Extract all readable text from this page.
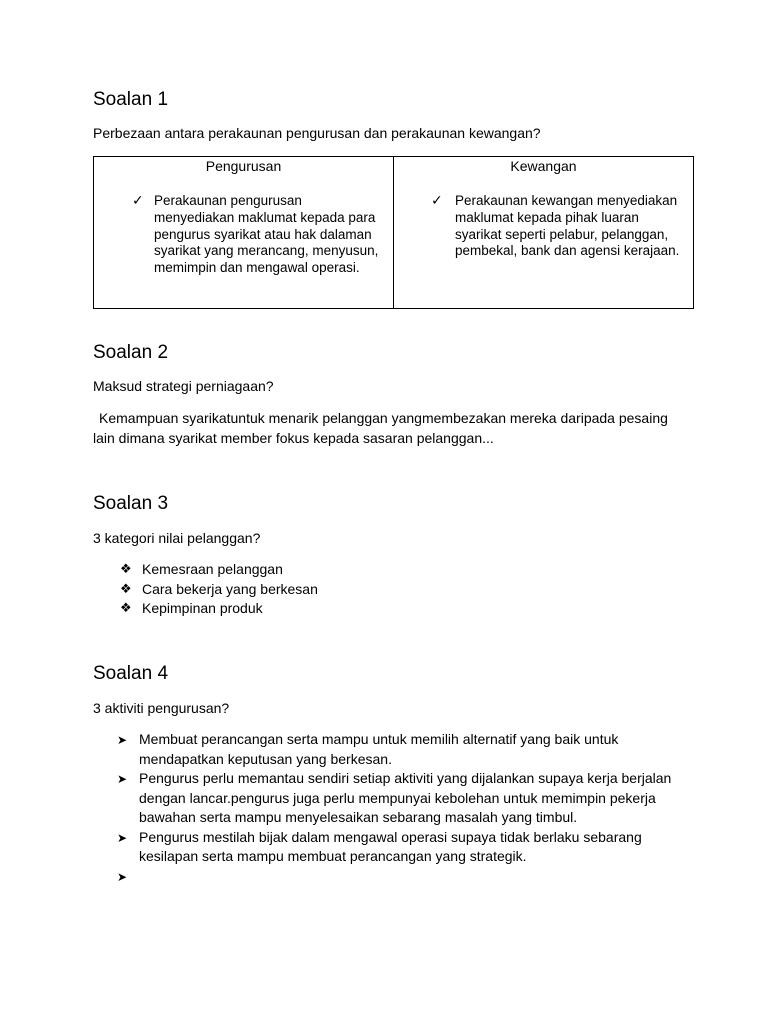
Soalan 1

Perbezaan antara perakaunan pengurusan dan perakaunan kewangan?

Pengurusan
✓ Perakaunan pengurusan menyediakan maklumat kepada para pengurus syarikat atau hak dalaman syarikat yang merancang, menyusun, memimpin dan mengawal operasi.
Kewangan
✓ Perakaunan kewangan menyediakan maklumat kepada pihak luaran syarikat seperti pelabur, pelanggan, pembekal, bank dan agensi kerajaan.
Soalan 2

Maksud strategi perniagaan?

Kemampuan syarikatuntuk menarik pelanggan yangmembezakan mereka daripada pesaing lain dimana syarikat member fokus kepada sasaran pelanggan...

Soalan 3

3 kategori nilai pelanggan?

❖ Kemesraan pelanggan
❖ Cara bekerja yang berkesan
❖ Kepimpinan produk
Soalan 4

3 aktiviti pengurusan?

➤ Membuat perancangan serta mampu untuk memilih alternatif yang baik untuk mendapatkan keputusan yang berkesan.
➤ Pengurus perlu memantau sendiri setiap aktiviti yang dijalankan supaya kerja berjalan dengan lancar.pengurus juga perlu mempunyai kebolehan untuk memimpin pekerja bawahan serta mampu menyelesaikan sebarang masalah yang timbul.
➤ Pengurus mestilah bijak dalam mengawal operasi supaya tidak berlaku sebarang kesilapan serta mampu membuat perancangan yang strategik.
➤
